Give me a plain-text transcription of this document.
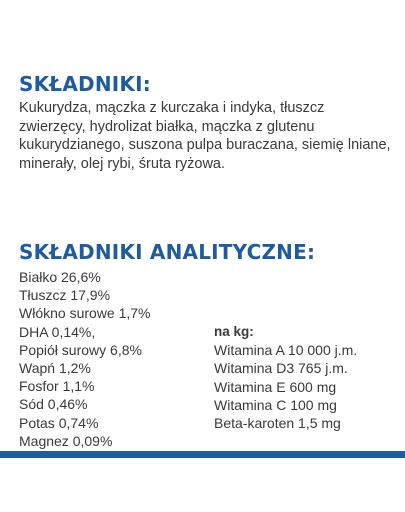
SKŁADNIKI:

Kukurydza, mączka z kurczaka i indyka, tłuszcz zwierzęcy, hydrolizat białka, mączka z glutenu kukurydzianego, suszona pulpa buraczana, siemię lniane, minerały, olej rybi, śruta ryżowa.

SKŁADNIKI ANALITYCZNE:
Białko 26,6%
Tłuszcz 17,9%
Włókno surowe 1,7%
DHA 0,14%,
Popiół surowy 6,8%
Wapń 1,2%
Fosfor 1,1%
Sód 0,46%
Potas 0,74%
Magnez 0,09%
na kg:
Witamina A 10 000 j.m.
Witamina D3 765 j.m.
Witamina E 600 mg
Witamina C 100 mg
Beta-karoten 1,5 mg
